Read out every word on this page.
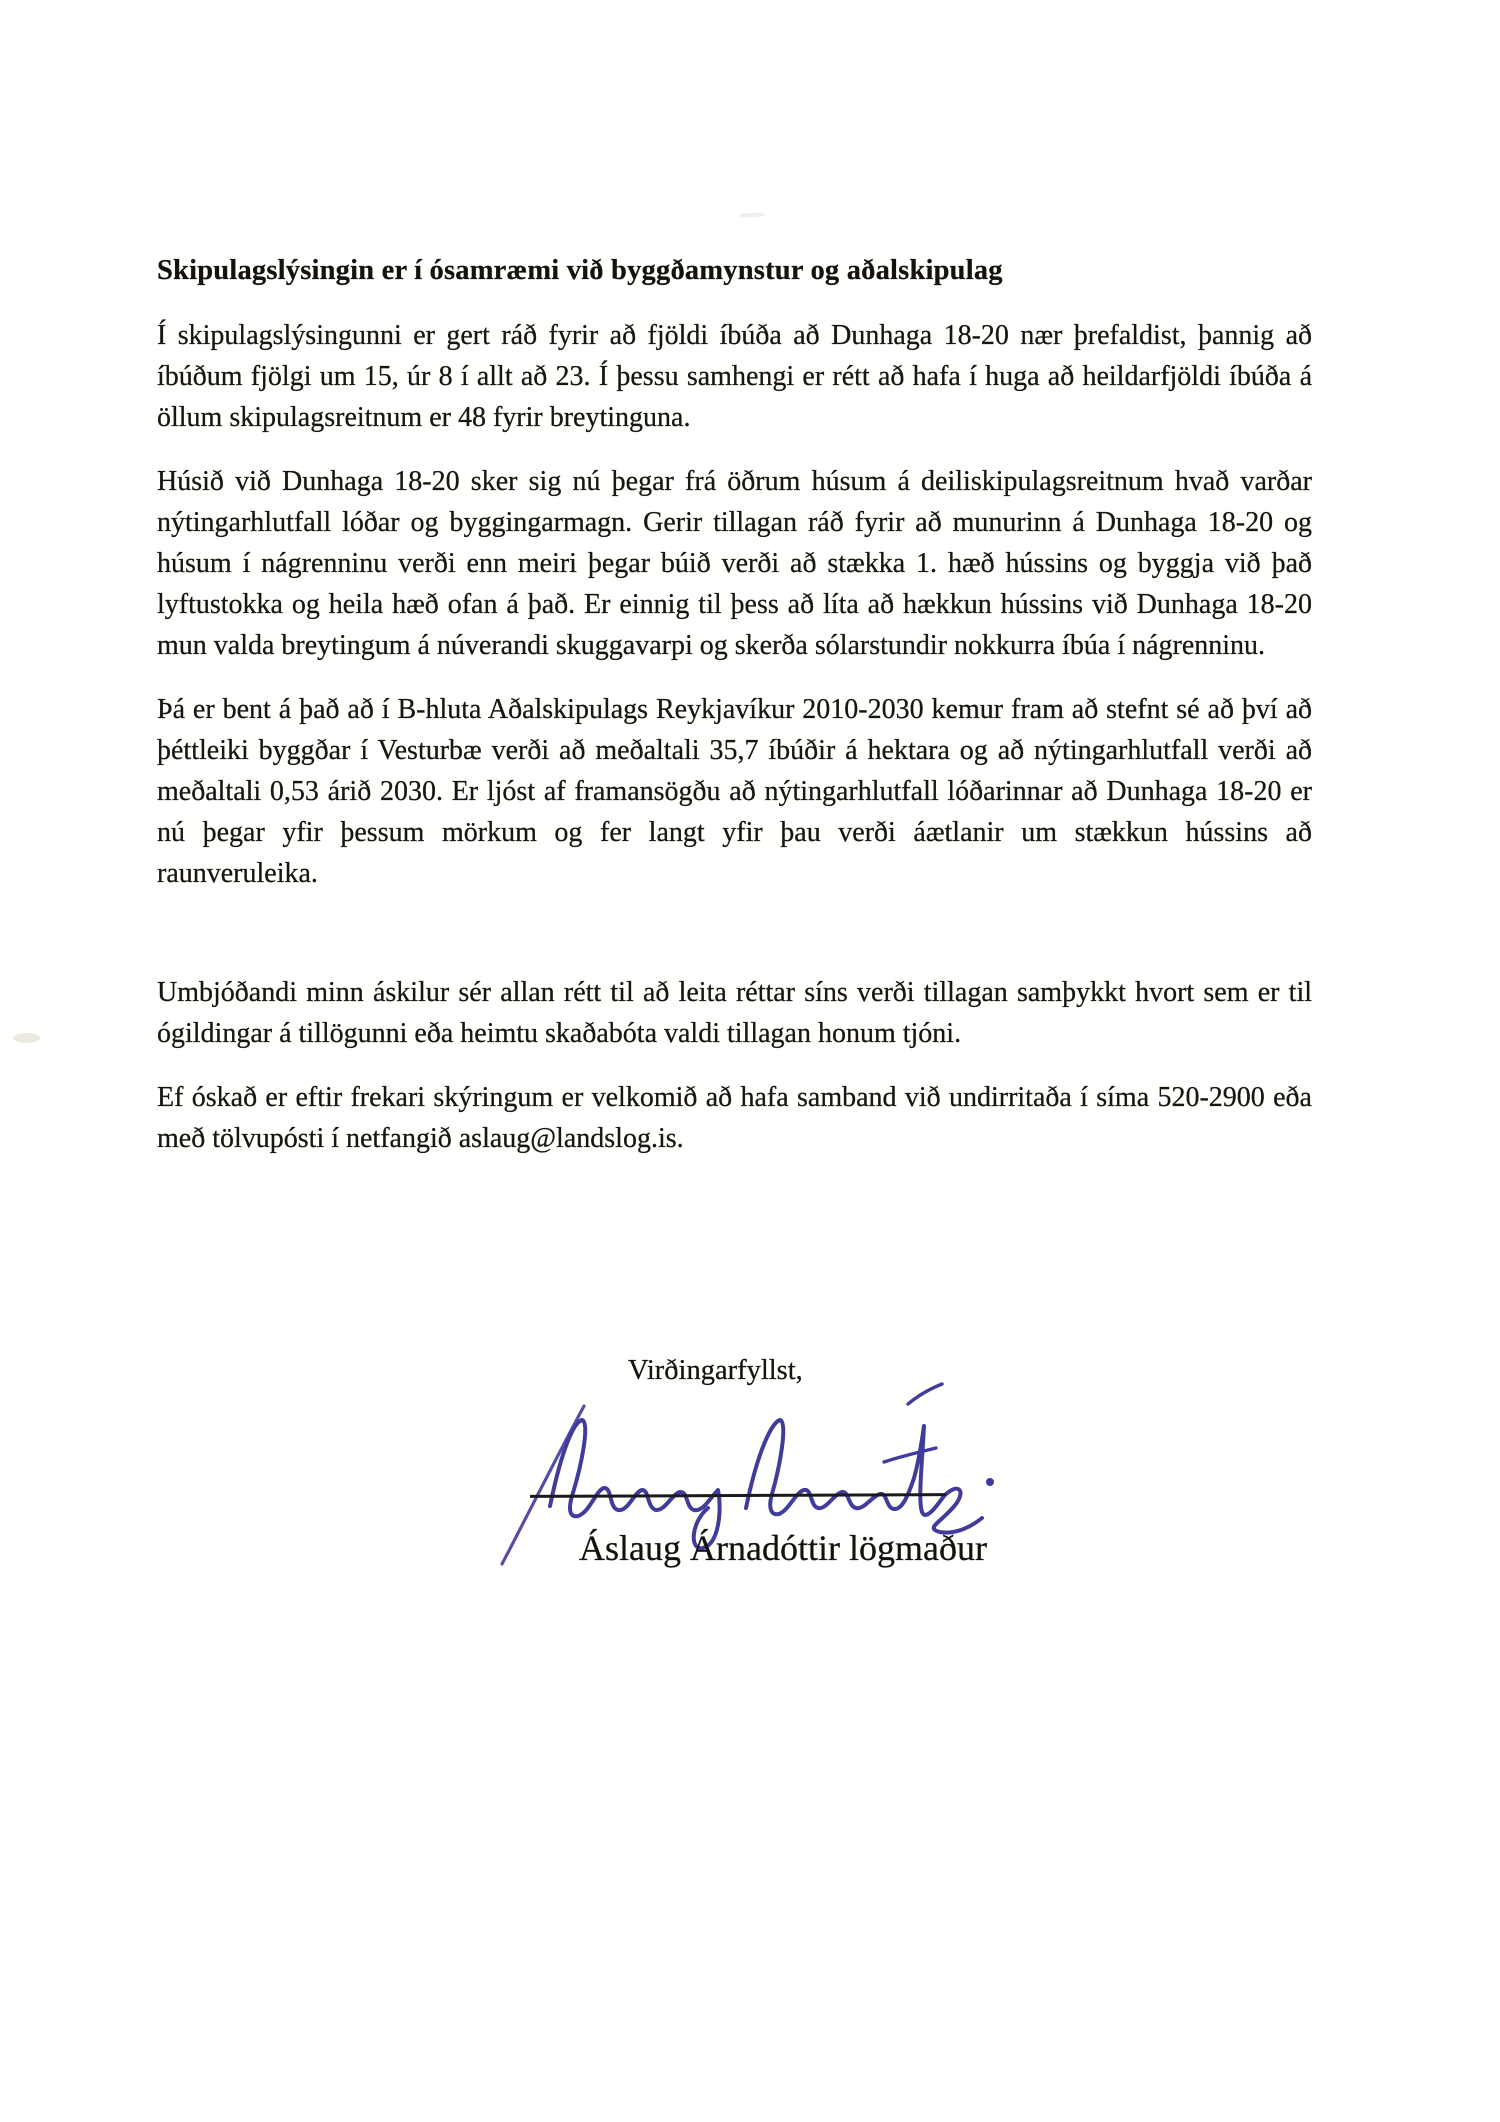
Skipulagslýsingin er í ósamræmi við byggðamynstur og aðalskipulag

Í skipulagslýsingunni er gert ráð fyrir að fjöldi íbúða að Dunhaga 18-20 nær þrefaldist, þannig að íbúðum fjölgi um 15, úr 8 í allt að 23. Í þessu samhengi er rétt að hafa í huga að heildarfjöldi íbúða á öllum skipulagsreitnum er 48 fyrir breytinguna.

Húsið við Dunhaga 18-20 sker sig nú þegar frá öðrum húsum á deiliskipulagsreitnum hvað varðar nýtingarhlutfall lóðar og byggingarmagn. Gerir tillagan ráð fyrir að munurinn á Dunhaga 18-20 og húsum í nágrenninu verði enn meiri þegar búið verði að stækka 1. hæð hússins og byggja við það lyftustokka og heila hæð ofan á það. Er einnig til þess að líta að hækkun hússins við Dunhaga 18-20 mun valda breytingum á núverandi skuggavarpi og skerða sólarstundir nokkurra íbúa í nágrenninu.

Þá er bent á það að í B-hluta Aðalskipulags Reykjavíkur 2010-2030 kemur fram að stefnt sé að því að þéttleiki byggðar í Vesturbæ verði að meðaltali 35,7 íbúðir á hektara og að nýtingarhlutfall verði að meðaltali 0,53 árið 2030. Er ljóst af framansögðu að nýtingarhlutfall lóðarinnar að Dunhaga 18-20 er nú þegar yfir þessum mörkum og fer langt yfir þau verði áætlanir um stækkun hússins að raunveruleika.

Umbjóðandi minn áskilur sér allan rétt til að leita réttar síns verði tillagan samþykkt hvort sem er til ógildingar á tillögunni eða heimtu skaðabóta valdi tillagan honum tjóni.

Ef óskað er eftir frekari skýringum er velkomið að hafa samband við undirritaða í síma 520-2900 eða með tölvupósti í netfangið aslaug@landslog.is.

Virðingarfyllst,
Áslaug Árnadóttir lögmaður
